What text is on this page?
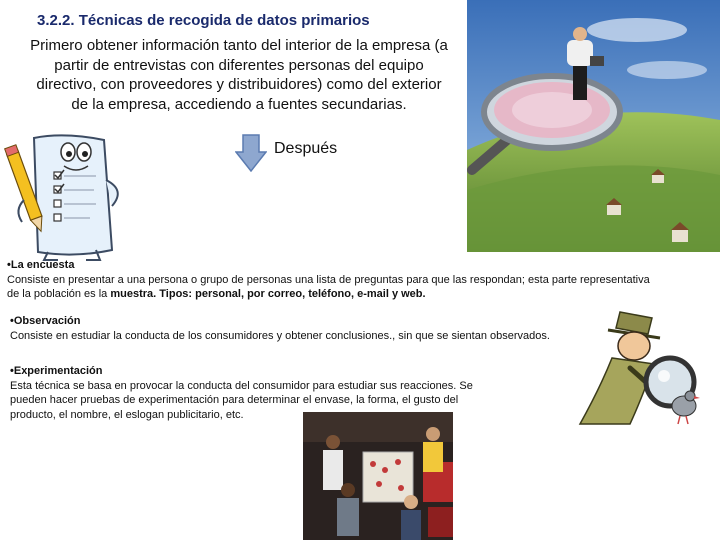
3.2.2. Técnicas de recogida de datos primarios
Primero obtener información tanto del interior de la empresa (a partir de entrevistas con diferentes personas del equipo directivo, con proveedores y distribuidores) como del exterior de la empresa, accediendo a fuentes secundarias.
Después
•La encuesta
Consiste en presentar a una persona o grupo de personas una lista de preguntas para que las respondan; esta parte representativa
de la población es la muestra. Tipos: personal, por correo, teléfono, e-mail y web.
•Observación
Consiste en estudiar la conducta de los consumidores y obtener conclusiones., sin que se sientan observados.
•Experimentación
Esta técnica se basa en provocar la conducta del consumidor para estudiar sus reacciones. Se pueden hacer pruebas de experimentación para determinar el envase, la forma, el gusto del producto, el nombre, el eslogan publicitario, etc.
